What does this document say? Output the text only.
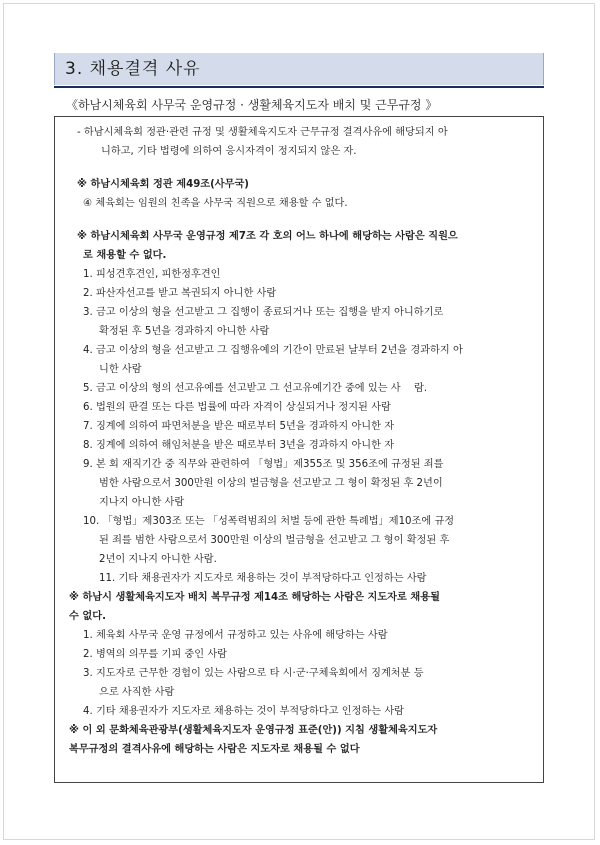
3. 채용결격 사유
《하남시체육회 사무국 운영규정 · 생활체육지도자 배치 및 근무규정 》
- 하남시체육회 정관·관련 규정 및 생활체육지도자 근무규정 결격사유에 해당되지 아
니하고, 기타 법령에 의하여 응시자격이 정지되지 않은 자.
※ 하남시체육회 정관 제49조(사무국)
④ 체육회는 임원의 친족을 사무국 직원으로 채용할 수 없다.
※ 하남시체육회 사무국 운영규정 제7조 각 호의 어느 하나에 해당하는 사람은 직원으
로 채용할 수 없다.
1. 피성견후견인, 피한정후견인
2. 파산자선고를 받고 복권되지 아니한 사람
3. 금고 이상의 형을 선고받고 그 집행이 종료되거나 또는 집행을 받지 아니하기로
확정된 후 5년을 경과하지 아니한 사람
4. 금고 이상의 형을 선고받고 그 집행유예의 기간이 만료된 날부터 2년을 경과하지 아
니한 사람
5. 금고 이상의 형의 선고유예를 선고받고 그 선고유예기간 중에 있는 사　 람.
6. 법원의 판결 또는 다른 법률에 따라 자격이 상실되거나 정지된 사람
7. 징계에 의하여 파면처분을 받은 때로부터 5년을 경과하지 아니한 자
8. 징계에 의하여 해임처분을 받은 때로부터 3년을 경과하지 아니한 자
9. 본 회 재직기간 중 직무와 관련하여 「형법」제355조 및 356조에 규정된 죄를
범한 사람으로서 300만원 이상의 벌금형을 선고받고 그 형이 확정된 후 2년이
지나지 아니한 사람
10. 「형법」제303조 또는 「성폭력범죄의 처벌 등에 관한 특례법」제10조에 규정
된 죄를 범한 사람으로서 300만원 이상의 벌금형을 선고받고 그 형이 확정된 후
2년이 지나지 아니한 사람.
11. 기타 채용권자가 지도자로 채용하는 것이 부적당하다고 인정하는 사람
※ 하남시 생활체육지도자 배치 복무규정 제14조 해당하는 사람은 지도자로 채용될
수 없다.
1. 체육회 사무국 운영 규정에서 규정하고 있는 사유에 해당하는 사람
2. 병역의 의무를 기피 중인 사람
3. 지도자로 근무한 경험이 있는 사람으로 타 시·군·구체육회에서 징계처분 등
으로 사직한 사람
4. 기타 채용권자가 지도자로 채용하는 것이 부적당하다고 인정하는 사람
※ 이 외 문화체육관광부(생활체육지도자 운영규정 표준(안)) 지침 생활체육지도자
복무규정의 결격사유에 해당하는 사람은 지도자로 채용될 수 없다
